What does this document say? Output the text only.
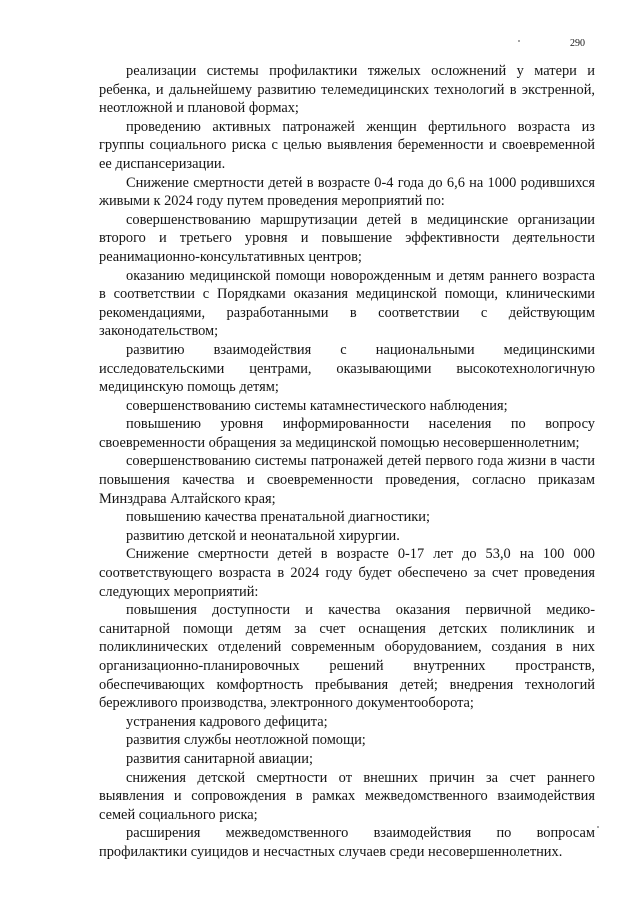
290

реализации системы профилактики тяжелых осложнений у матери и ребенка, и дальнейшему развитию телемедицинских технологий в экстренной, неотложной и плановой формах;

проведению активных патронажей женщин фертильного возраста из группы социального риска с целью выявления беременности и своевременной ее диспансеризации.

Снижение смертности детей в возрасте 0-4 года до 6,6 на 1000 родившихся живыми к 2024 году путем проведения мероприятий по:

совершенствованию маршрутизации детей в медицинские организации второго и третьего уровня и повышение эффективности деятельности реанимационно-консультативных центров;

оказанию медицинской помощи новорожденным и детям раннего возраста в соответствии с Порядками оказания медицинской помощи, клиническими рекомендациями, разработанными в соответствии с действующим законодательством;

развитию взаимодействия с национальными медицинскими исследовательскими центрами, оказывающими высокотехнологичную медицинскую помощь детям;

совершенствованию системы катамнестического наблюдения;

повышению уровня информированности населения по вопросу своевременности обращения за медицинской помощью несовершеннолетним;

совершенствованию системы патронажей детей первого года жизни в части повышения качества и своевременности проведения, согласно приказам Минздрава Алтайского края;

повышению качества пренатальной диагностики;

развитию детской и неонатальной хирургии.

Снижение смертности детей в возрасте 0-17 лет до 53,0 на 100 000 соответствующего возраста в 2024 году будет обеспечено за счет проведения следующих мероприятий:

повышения доступности и качества оказания первичной медико-санитарной помощи детям за счет оснащения детских поликлиник и поликлинических отделений современным оборудованием, создания в них организационно-планировочных решений внутренних пространств, обеспечивающих комфортность пребывания детей; внедрения технологий бережливого производства, электронного документооборота;

устранения кадрового дефицита;

развития службы неотложной помощи;

развития санитарной авиации;

снижения детской смертности от внешних причин за счет раннего выявления и сопровождения в рамках межведомственного взаимодействия семей социального риска;

расширения межведомственного взаимодействия по вопросам профилактики суицидов и несчастных случаев среди несовершеннолетних.
